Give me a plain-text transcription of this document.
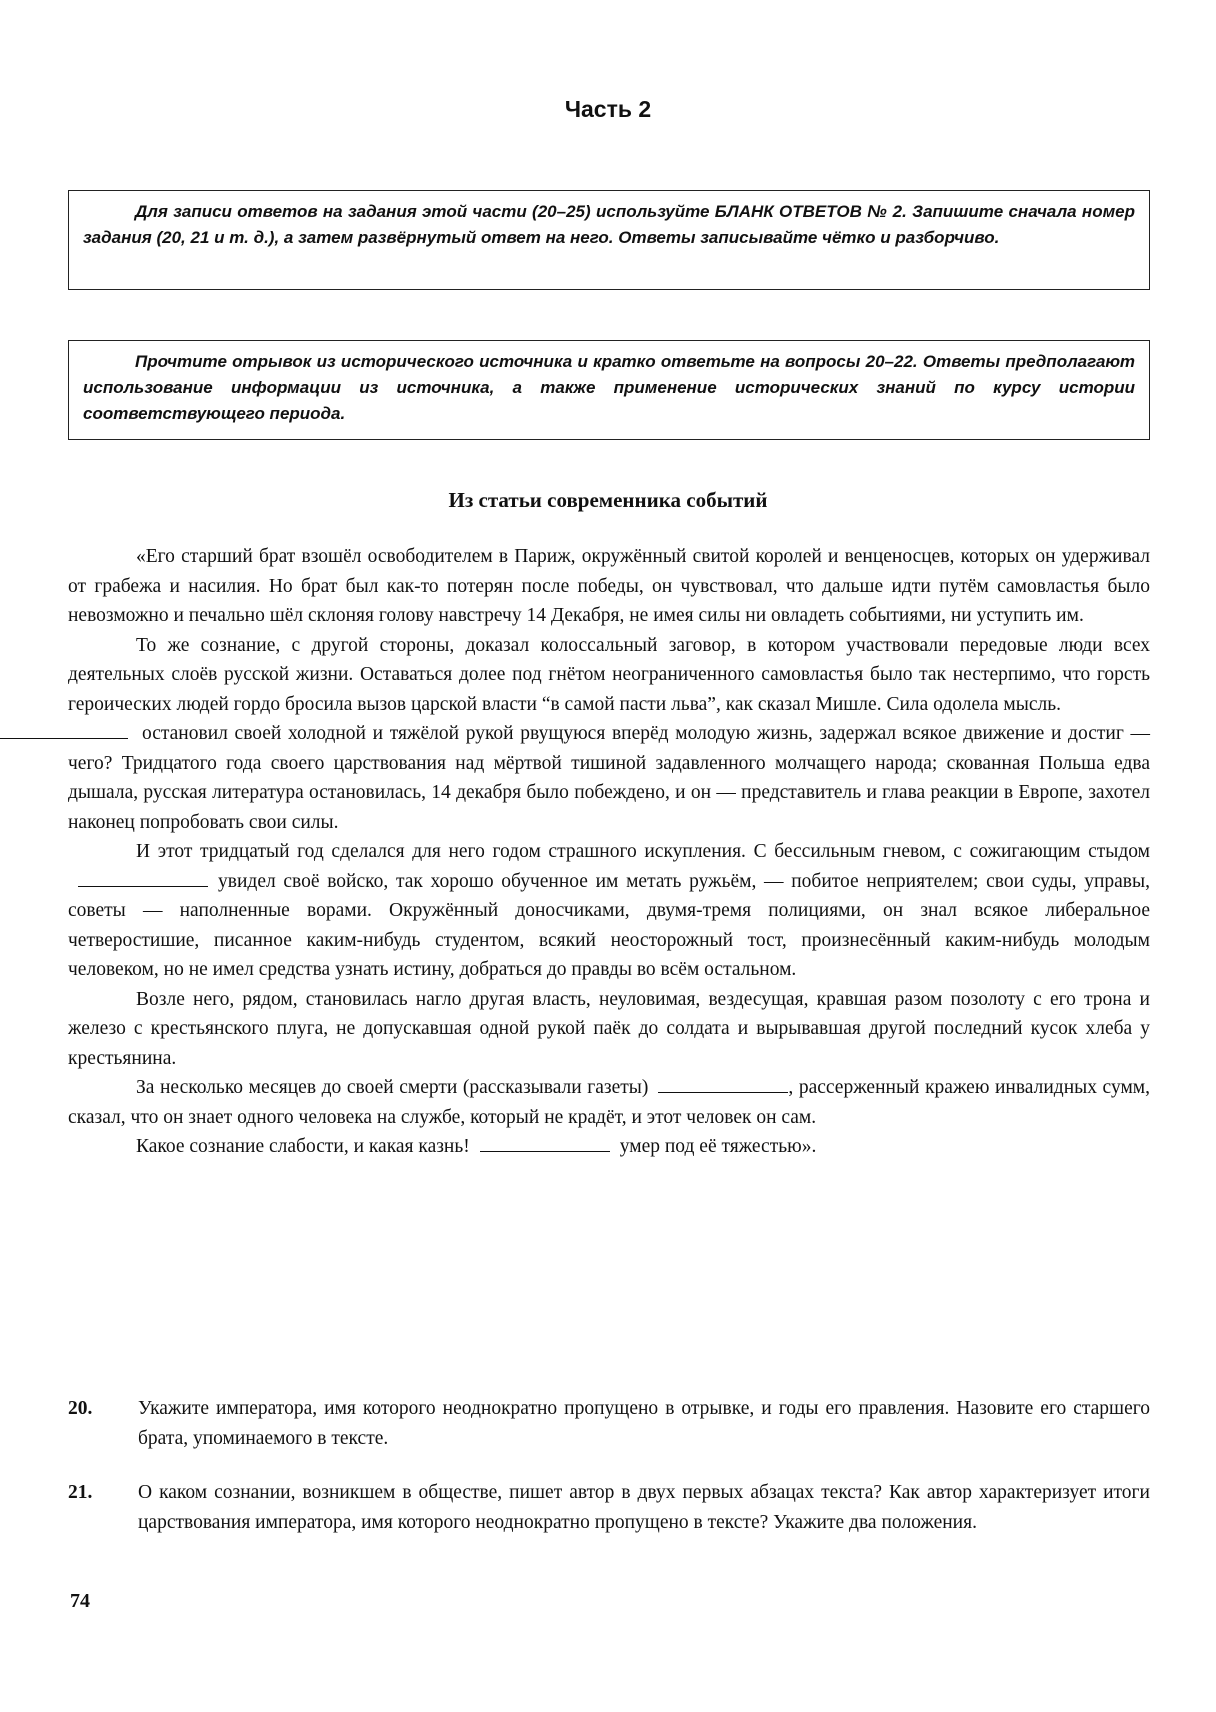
Часть 2
Для записи ответов на задания этой части (20–25) используйте БЛАНК ОТВЕТОВ № 2. Запишите сначала номер задания (20, 21 и т. д.), а затем развёрнутый ответ на него. Ответы записывайте чётко и разборчиво.
Прочтите отрывок из исторического источника и кратко ответьте на вопросы 20–22. Ответы предполагают использование информации из источника, а также применение исторических знаний по курсу истории соответствующего периода.
Из статьи современника событий

«Его старший брат взошёл освободителем в Париж, окружённый свитой королей и венценосцев, которых он удерживал от грабежа и насилия. Но брат был как-то потерян после победы, он чувствовал, что дальше идти путём самовластья было невозможно и печально шёл склоняя голову навстречу 14 Декабря, не имея силы ни овладеть событиями, ни уступить им.

То же сознание, с другой стороны, доказал колоссальный заговор, в котором участвовали передовые люди всех деятельных слоёв русской жизни. Оставаться долее под гнётом неограниченного самовластья было так нестерпимо, что горсть героических людей гордо бросила вызов царской власти “в самой пасти льва”, как сказал Мишле. Сила одолела мысль.
остановил своей холодной и тяжёлой рукой рвущуюся вперёд молодую жизнь, задержал всякое движение и достиг — чего? Тридцатого года своего царствования над мёртвой тишиной задавленного молчащего народа; скованная Польша едва дышала, русская литература остановилась, 14 декабря было побеждено, и он — представитель и глава реакции в Европе, захотел наконец попробовать свои силы.

И этот тридцатый год сделался для него годом страшного искупления. С бессильным гневом, с сожигающим стыдомувидел своё войско, так хорошо обученное им метать ружьём, — побитое неприятелем; свои суды, управы, советы — наполненные ворами. Окружённый доносчиками, двумя-тремя полициями, он знал всякое либеральное четверостишие, писанное каким-нибудь студентом, всякий неосторожный тост, произнесённый каким-нибудь молодым человеком, но не имел средства узнать истину, добраться до правды во всём остальном.

Возле него, рядом, становилась нагло другая власть, неуловимая, вездесущая, кравшая разом позолоту с его трона и железо с крестьянского плуга, не допускавшая одной рукой паёк до солдата и вырывавшая другой последний кусок хлеба у крестьянина.

За несколько месяцев до своей смерти (рассказывали газеты)	, рассерженный кражею инвалидных сумм, сказал, что он знает одного человека на службе, который не крадёт, и этот человек он сам.

Какое сознание слабости, и какая казнь!	умер под её тяжестью».

20. Укажите императора, имя которого неоднократно пропущено в отрывке, и годы его правления. Назовите его старшего брата, упоминаемого в тексте.
21. О каком сознании, возникшем в обществе, пишет автор в двух первых абзацах текста? Как автор характеризует итоги царствования императора, имя которого неоднократно пропущено в тексте? Укажите два положения.
74
